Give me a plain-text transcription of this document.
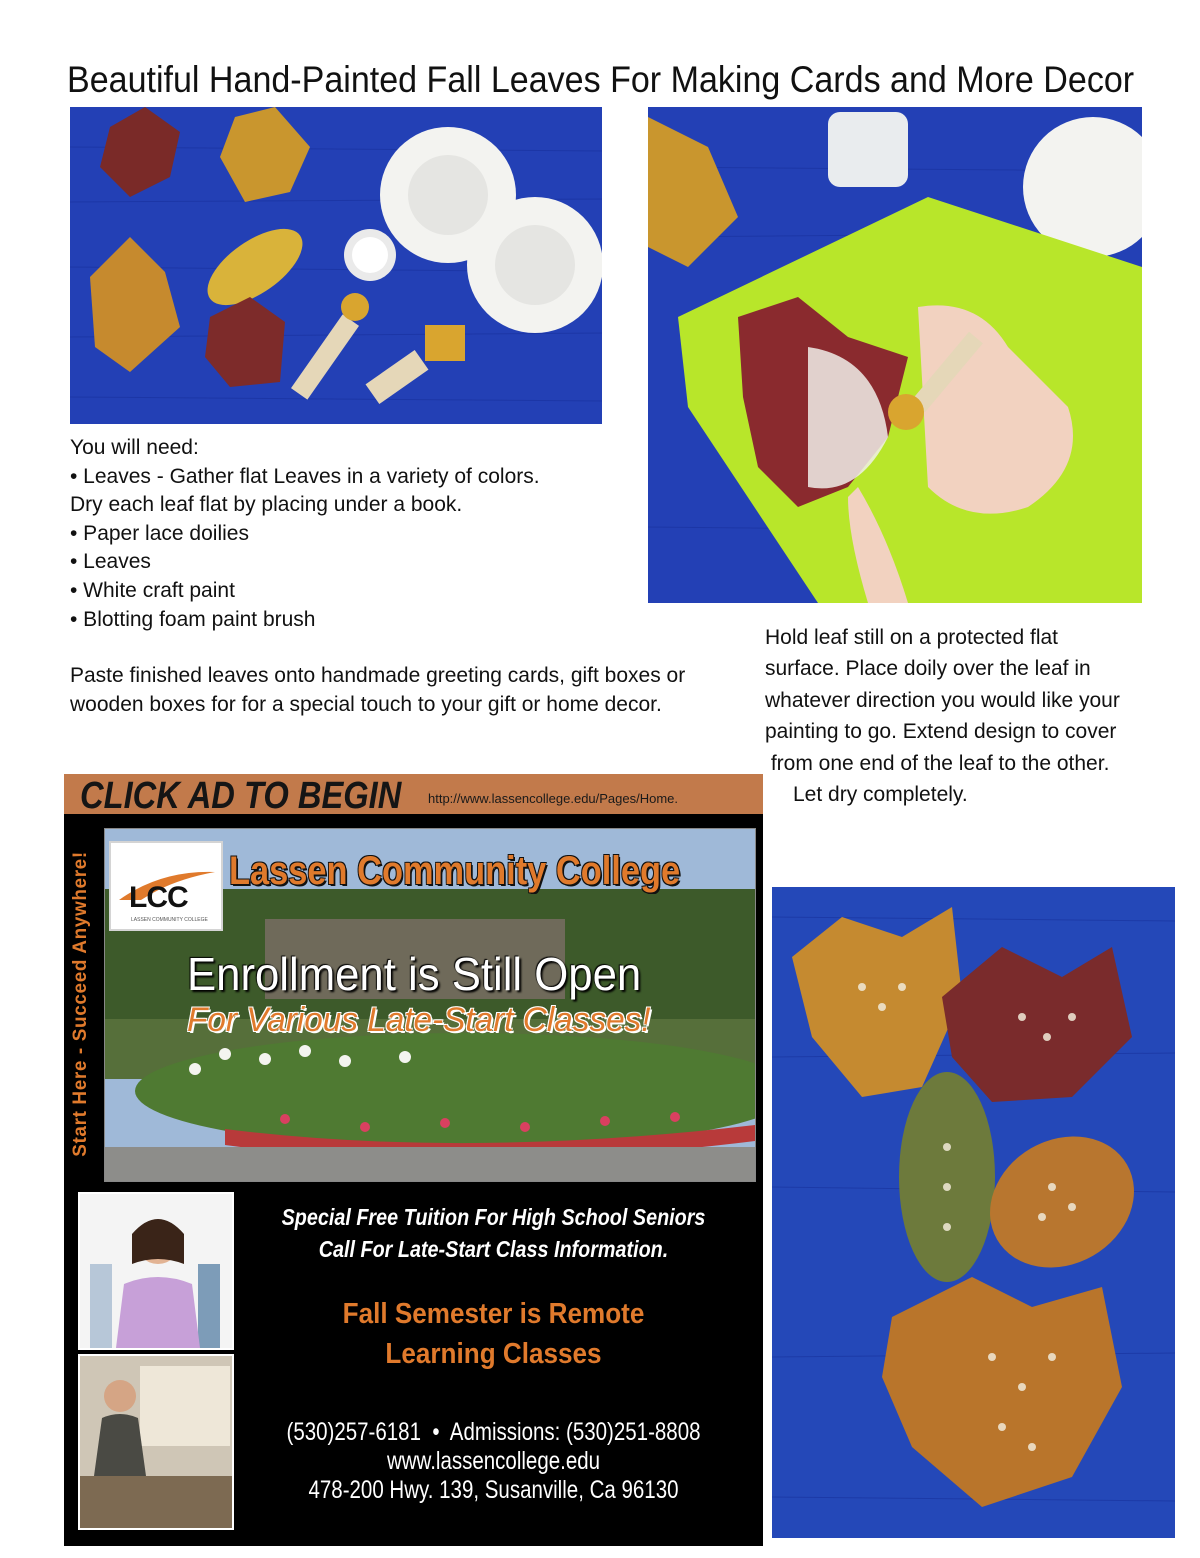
Beautiful Hand-Painted Fall Leaves For Making Cards and More Decor
You will need:
• Leaves - Gather flat Leaves in a variety of colors.
Dry each leaf flat by placing under a book.
• Paper lace doilies
• Leaves
• White craft paint
• Blotting foam paint brush
Paste finished leaves onto handmade greeting cards, gift boxes or wooden boxes for for a special touch to your gift or home decor.
Hold leaf still on a protected flat
surface. Place doily over the leaf in
whatever direction you would like your
painting to go. Extend design to cover
from one end of the leaf to the other.
Let dry completely.
CLICK AD TO BEGIN http://www.lassencollege.edu/Pages/Home.
Start Here - Succeed Anywhere! LCC
LASSEN COMMUNITY COLLEGE
Lassen Community College
Enrollment is Still Open
For Various Late-Start Classes!
Special Free Tuition For High School Seniors
Call For Late-Start Class Information.
Fall Semester is Remote
Learning Classes
(530)257-6181  •  Admissions: (530)251-8808
www.lassencollege.edu
478-200 Hwy. 139, Susanville, Ca 96130
